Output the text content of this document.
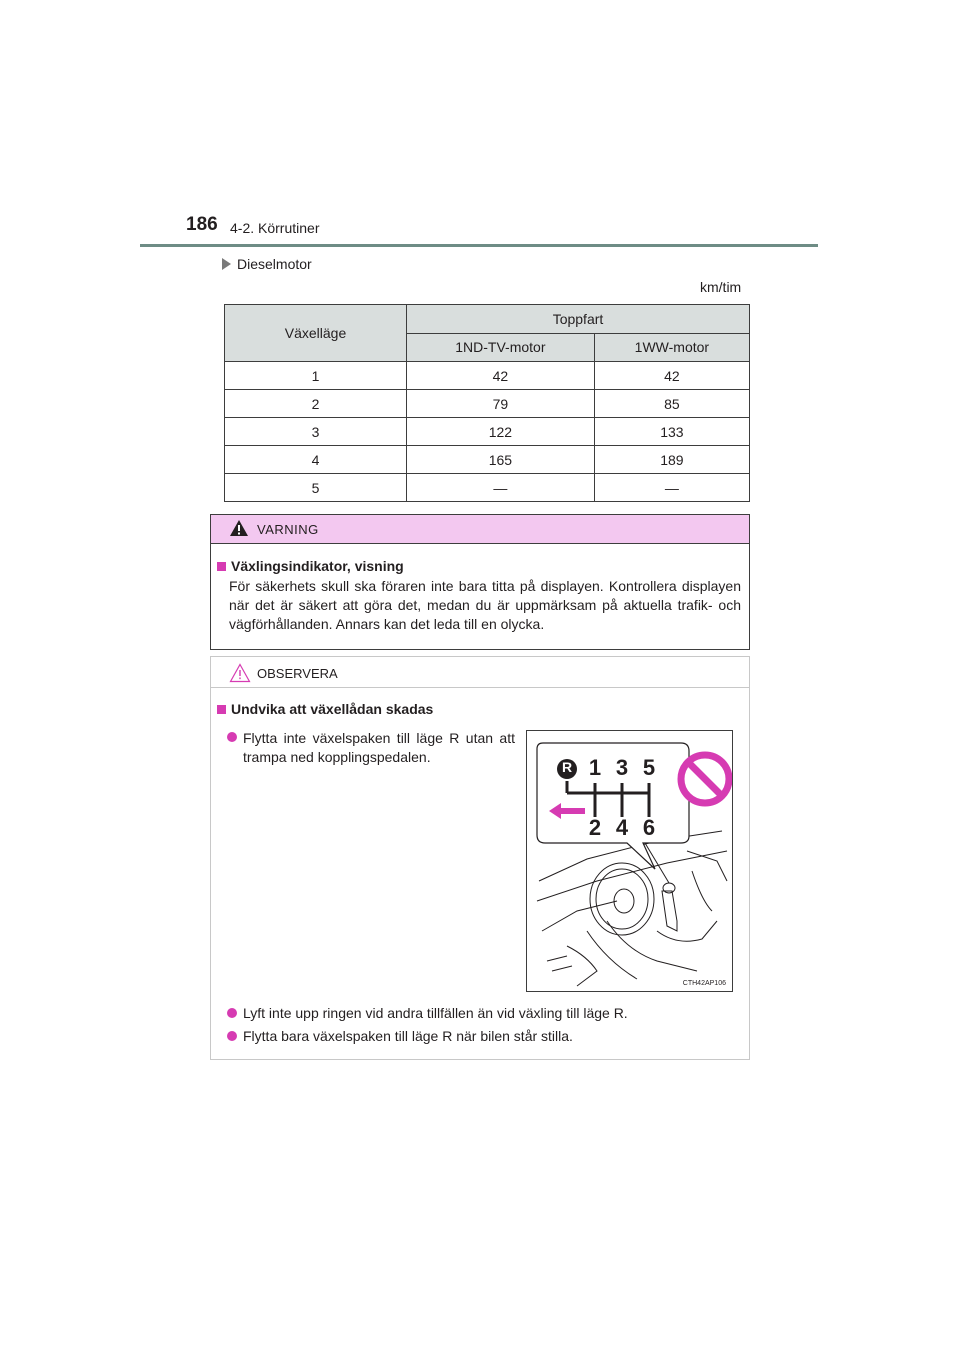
186 4-2. Körrutiner
Dieselmotor
km/tim
Växelläge	Toppfart	
	1ND-TV-motor	1WW-motor
1	42	42
2	79	85
3	122	133
4	165	189
5	—	—
VARNING
Växlingsindikator, visning
För säkerhets skull ska föraren inte bara titta på displayen. Kontrollera displayen när det är säkert att göra det, medan du är uppmärksam på aktuella trafik- och vägförhållanden. Annars kan det leda till en olycka.
OBSERVERA
Undvika att växellådan skadas
Flytta inte växelspaken till läge R utan att trampa ned kopplingspedalen.
Lyft inte upp ringen vid andra tillfällen än vid växling till läge R.
Flytta bara växelspaken till läge R när bilen står stilla.
R 1 3 5
2 4 6
CTH42AP106
